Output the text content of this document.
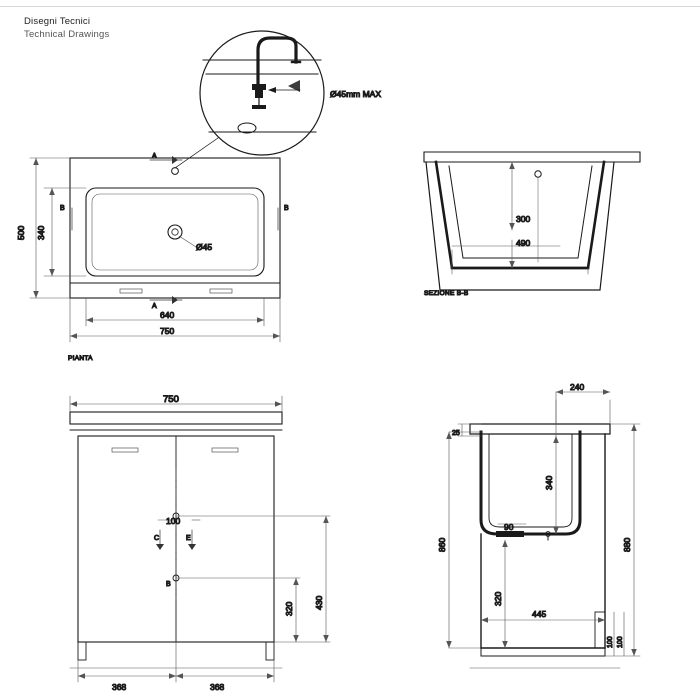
Disegni Tecnici
Technical Drawings
Ø45mm MAX
A
A
B	B
500 340
640
750
Ø45
PIANTA
300
490
SEZIONE B-B
C	E
B
750
368	368
100
320 430
240
25
340
90
860	880
320
445
100 100
